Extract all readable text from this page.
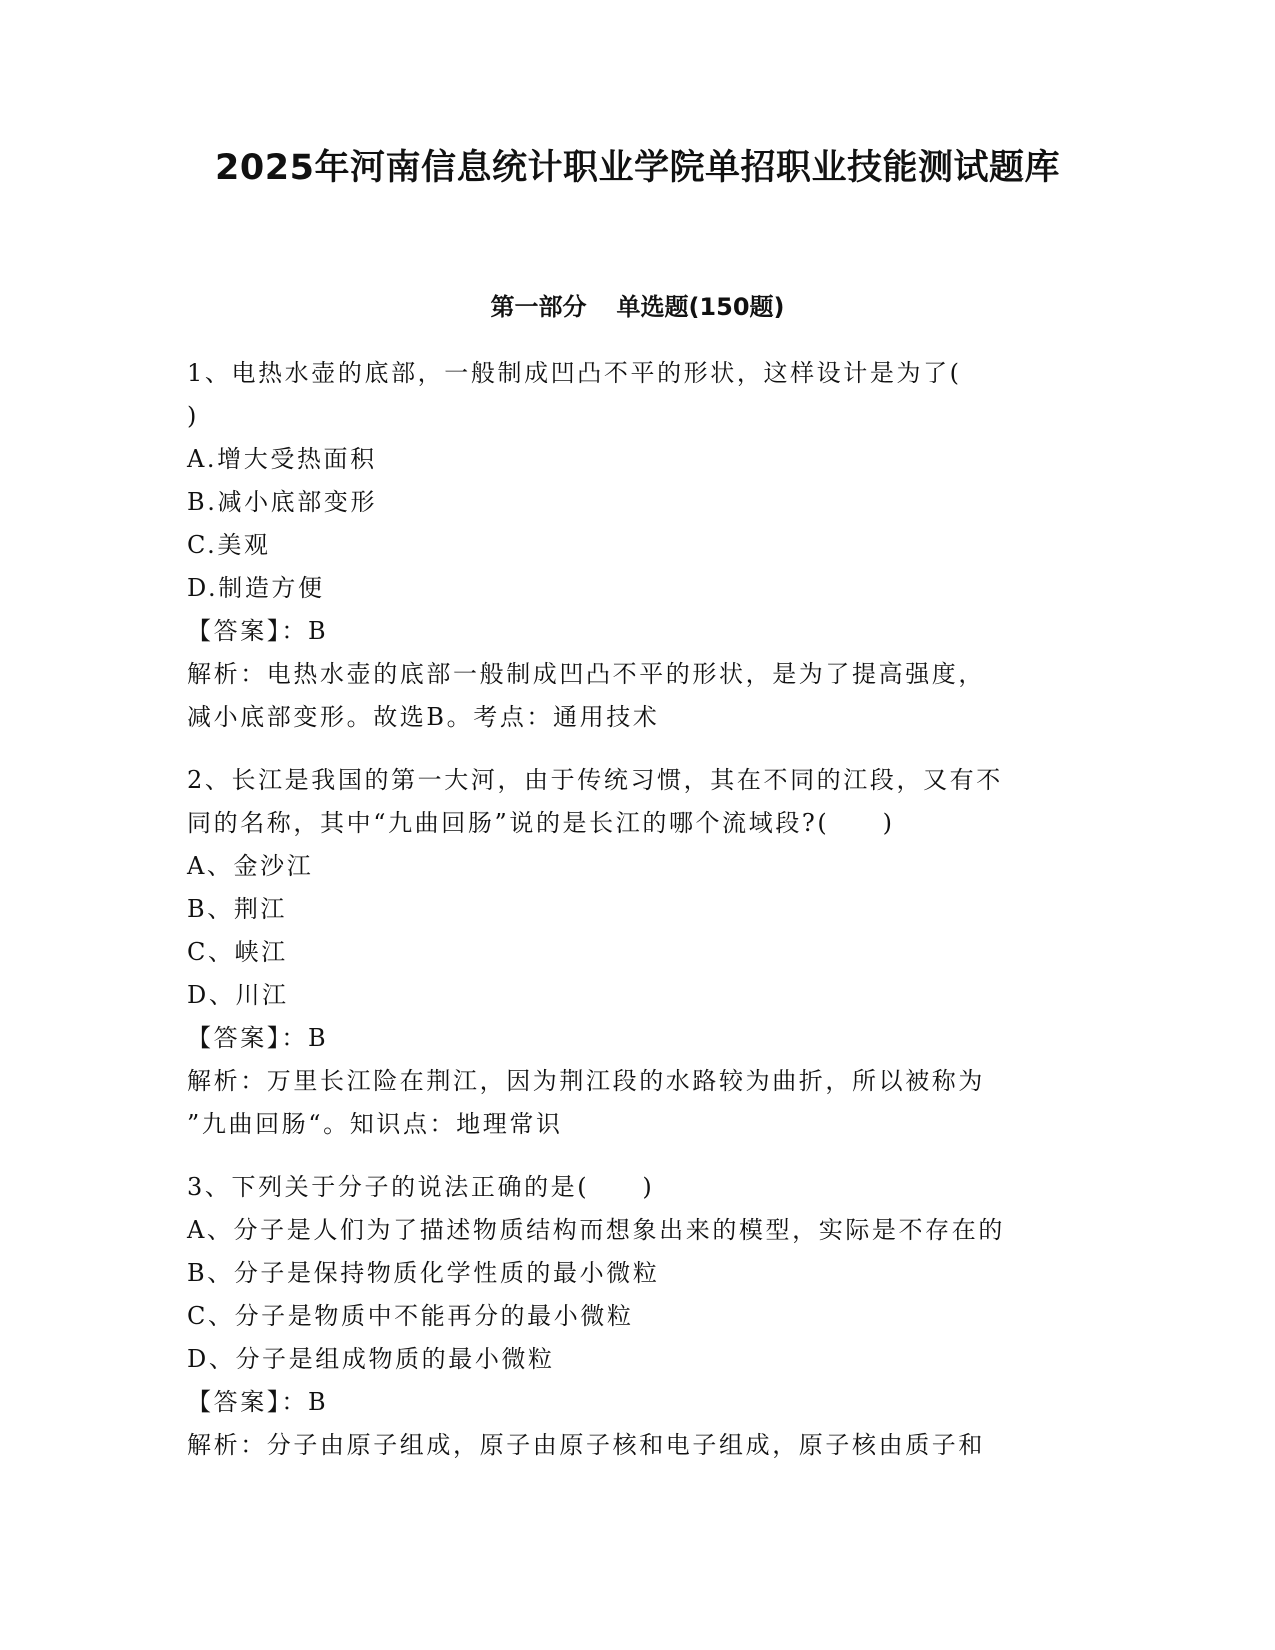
2025年河南信息统计职业学院单招职业技能测试题库
第一部分 单选题(150题)

1、电热水壶的底部，一般制成凹凸不平的形状，这样设计是为了(

)

A.增大受热面积

B.减小底部变形

C.美观

D.制造方便

【答案】：B

解析：电热水壶的底部一般制成凹凸不平的形状，是为了提高强度，

减小底部变形。故选B。考点：通用技术

2、长江是我国的第一大河，由于传统习惯，其在不同的江段，又有不

同的名称，其中“九曲回肠”说的是长江的哪个流域段?(　　)

A、金沙江

B、荆江

C、峡江

D、川江

【答案】：B

解析：万里长江险在荆江，因为荆江段的水路较为曲折，所以被称为

”九曲回肠“。知识点：地理常识

3、下列关于分子的说法正确的是(　　)

A、分子是人们为了描述物质结构而想象出来的模型，实际是不存在的

B、分子是保持物质化学性质的最小微粒

C、分子是物质中不能再分的最小微粒

D、分子是组成物质的最小微粒

【答案】：B

解析：分子由原子组成，原子由原子核和电子组成，原子核由质子和
